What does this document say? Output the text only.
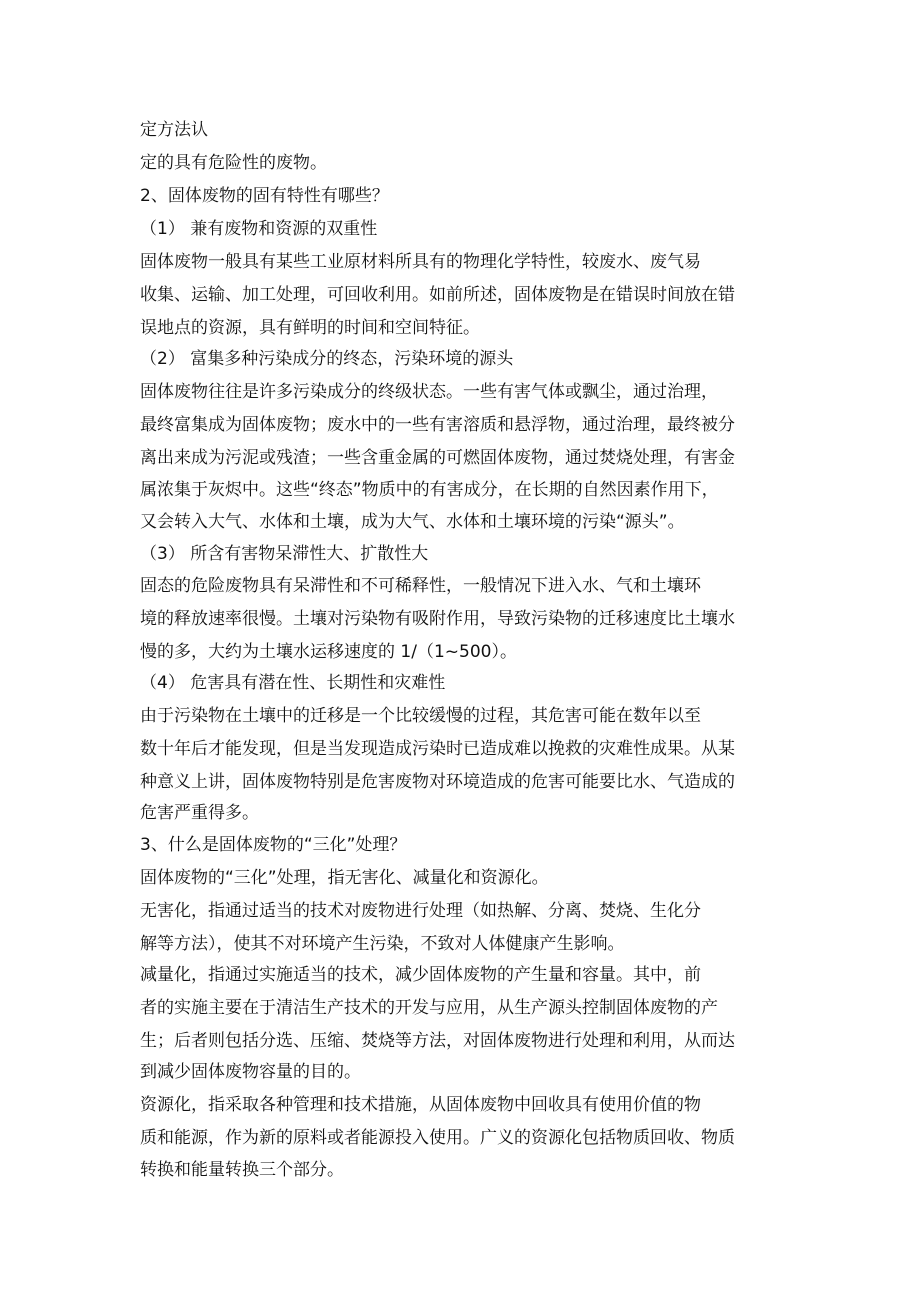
定方法认
定的具有危险性的废物。
2、固体废物的固有特性有哪些？
（1） 兼有废物和资源的双重性
固体废物一般具有某些工业原材料所具有的物理化学特性，较废水、废气易
收集、运输、加工处理，可回收利用。如前所述，固体废物是在错误时间放在错
误地点的资源，具有鲜明的时间和空间特征。
（2） 富集多种污染成分的终态，污染环境的源头
固体废物往往是许多污染成分的终级状态。一些有害气体或飘尘，通过治理，
最终富集成为固体废物；废水中的一些有害溶质和悬浮物，通过治理，最终被分
离出来成为污泥或残渣；一些含重金属的可燃固体废物，通过焚烧处理，有害金
属浓集于灰烬中。这些“终态”物质中的有害成分，在长期的自然因素作用下，
又会转入大气、水体和土壤，成为大气、水体和土壤环境的污染“源头”。
（3） 所含有害物呆滞性大、扩散性大
固态的危险废物具有呆滞性和不可稀释性，一般情况下进入水、气和土壤环
境的释放速率很慢。土壤对污染物有吸附作用，导致污染物的迁移速度比土壤水
慢的多，大约为土壤水运移速度的 1/（1~500）。
（4） 危害具有潜在性、长期性和灾难性
由于污染物在土壤中的迁移是一个比较缓慢的过程，其危害可能在数年以至
数十年后才能发现，但是当发现造成污染时已造成难以挽救的灾难性成果。从某
种意义上讲，固体废物特别是危害废物对环境造成的危害可能要比水、气造成的
危害严重得多。
3、什么是固体废物的“三化”处理？
固体废物的“三化”处理，指无害化、减量化和资源化。
无害化，指通过适当的技术对废物进行处理（如热解、分离、焚烧、生化分
解等方法），使其不对环境产生污染，不致对人体健康产生影响。
减量化，指通过实施适当的技术，减少固体废物的产生量和容量。其中，前
者的实施主要在于清洁生产技术的开发与应用，从生产源头控制固体废物的产
生；后者则包括分选、压缩、焚烧等方法，对固体废物进行处理和利用，从而达
到减少固体废物容量的目的。
资源化，指采取各种管理和技术措施，从固体废物中回收具有使用价值的物
质和能源，作为新的原料或者能源投入使用。广义的资源化包括物质回收、物质
转换和能量转换三个部分。
